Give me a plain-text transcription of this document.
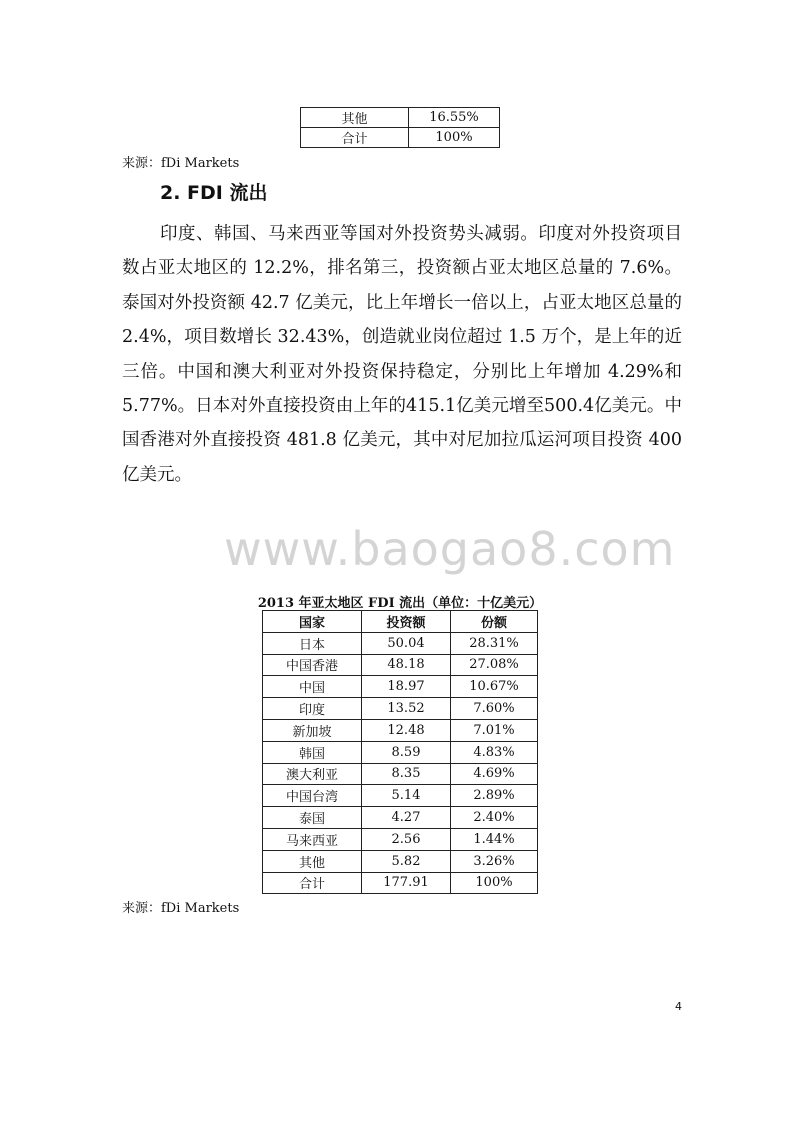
其他	16.55%
合计	100%
来源：fDi Markets
2. FDI 流出

印度、韩国、马来西亚等国对外投资势头减弱。印度对外投资项目数占亚太地区的 12.2%，排名第三，投资额占亚太地区总量的 7.6%。泰国对外投资额 42.7 亿美元，比上年增长一倍以上，占亚太地区总量的 2.4%，项目数增长 32.43%，创造就业岗位超过 1.5 万个，是上年的近三倍。中国和澳大利亚对外投资保持稳定，分别比上年增加 4.29%和 5.77%。日本对外直接投资由上年的415.1亿美元增至500.4亿美元。中国香港对外直接投资 481.8 亿美元，其中对尼加拉瓜运河项目投资 400 亿美元。

www.baogao8.com
2013 年亚太地区 FDI 流出（单位：十亿美元）
国家	投资额	份额
日本	50.04	28.31%
中国香港	48.18	27.08%
中国	18.97	10.67%
印度	13.52	7.60%
新加坡	12.48	7.01%
韩国	8.59	4.83%
澳大利亚	8.35	4.69%
中国台湾	5.14	2.89%
泰国	4.27	2.40%
马来西亚	2.56	1.44%
其他	5.82	3.26%
合计	177.91	100%
来源：fDi Markets
4
